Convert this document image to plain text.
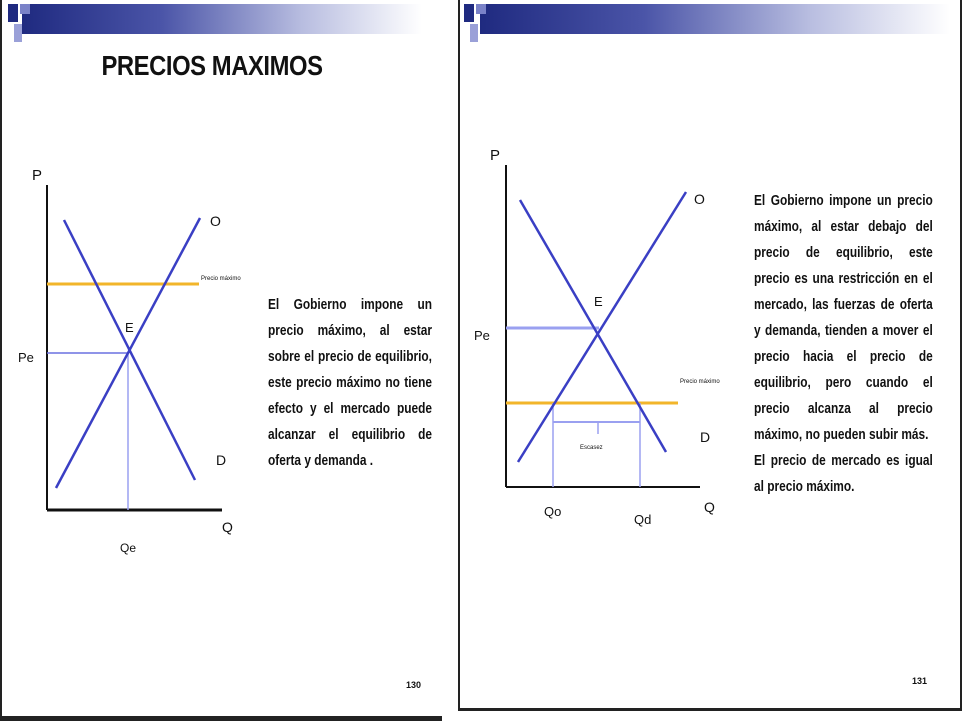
PRECIOS MAXIMOS
P
Q
Precio máximo
Pe
Qe
D
O
E

El Gobierno impone un precio máximo, al estar sobre el precio de equilibrio, este precio máximo no tiene efecto y el mercado puede alcanzar el equilibrio de oferta y demanda .

130
P
Q
Pe
Precio máximo
Qo
Qd
Escasez
D
O
E

El Gobierno impone un precio máximo, al estar debajo del precio de equilibrio, este precio es una restricción en el mercado, las fuerzas de oferta y demanda, tienden a mover el precio hacia el precio de equilibrio, pero cuando el precio alcanza al precio máximo, no pueden subir más.

El precio de mercado es igual al precio máximo.

131
